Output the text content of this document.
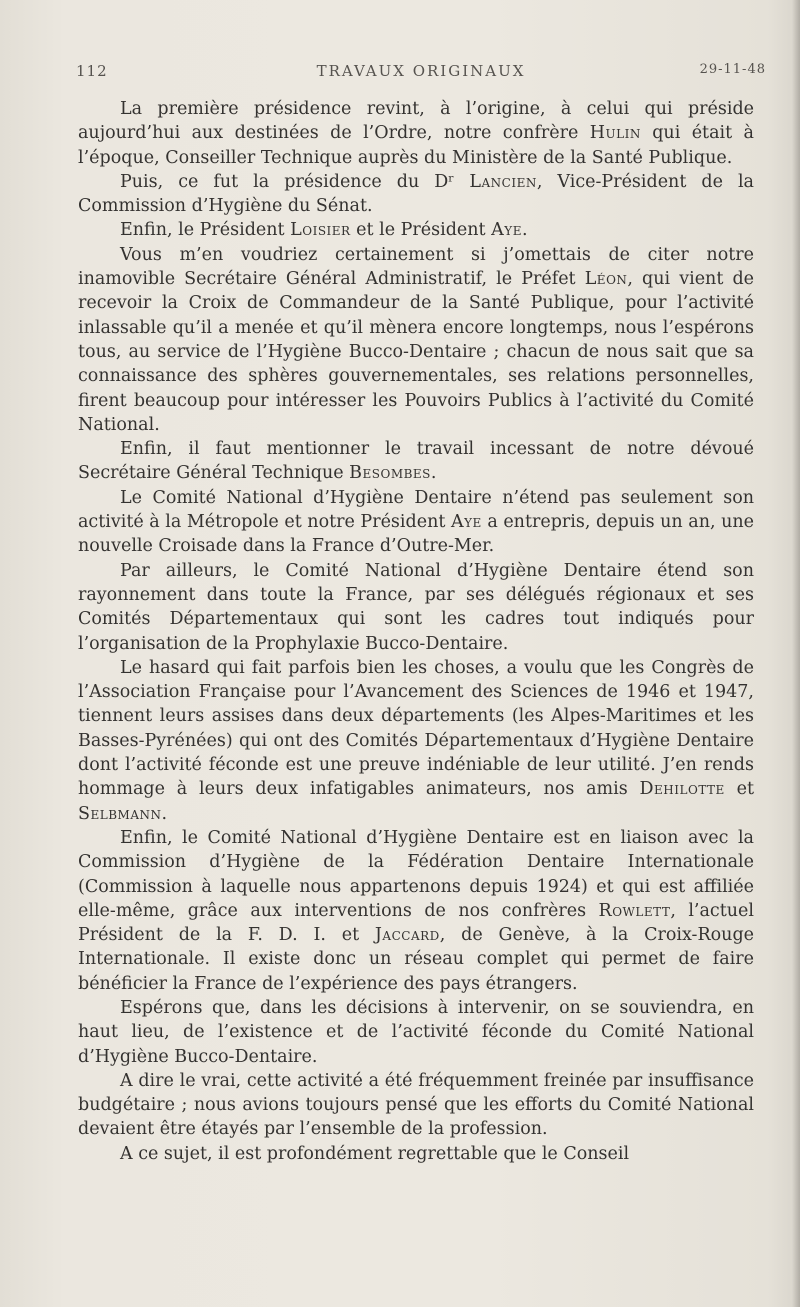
112	TRAVAUX ORIGINAUX	29-11-48

La première présidence revint, à l’origine, à celui qui préside aujourd’hui aux destinées de l’Ordre, notre confrère Hulin qui était à l’époque, Conseiller Technique auprès du Ministère de la Santé Publique.

Puis, ce fut la présidence du Dʳ Lancien, Vice-Président de la Commission d’Hygiène du Sénat.

Enfin, le Président Loisier et le Président Aye.

Vous m’en voudriez certainement si j’omettais de citer notre inamovible Secrétaire Général Administratif, le Préfet Léon, qui vient de recevoir la Croix de Commandeur de la Santé Publique, pour l’activité inlassable qu’il a menée et qu’il mènera encore longtemps, nous l’espérons tous, au service de l’Hygiène Bucco-Dentaire ; chacun de nous sait que sa connaissance des sphères gouvernementales, ses relations personnelles, firent beaucoup pour intéresser les Pouvoirs Publics à l’activité du Comité National.

Enfin, il faut mentionner le travail incessant de notre dévoué Secrétaire Général Technique Besombes.

Le Comité National d’Hygiène Dentaire n’étend pas seulement son activité à la Métropole et notre Président Aye a entrepris, depuis un an, une nouvelle Croisade dans la France d’Outre-Mer.

Par ailleurs, le Comité National d’Hygiène Dentaire étend son rayonnement dans toute la France, par ses délégués régionaux et ses Comités Départementaux qui sont les cadres tout indiqués pour l’organisation de la Prophylaxie Bucco-Dentaire.

Le hasard qui fait parfois bien les choses, a voulu que les Congrès de l’Association Française pour l’Avancement des Sciences de 1946 et 1947, tiennent leurs assises dans deux départements (les Alpes-Maritimes et les Basses-Pyrénées) qui ont des Comités Départementaux d’Hygiène Dentaire dont l’activité féconde est une preuve indéniable de leur utilité. J’en rends hommage à leurs deux infatigables animateurs, nos amis Dehilotte et Selbmann.

Enfin, le Comité National d’Hygiène Dentaire est en liaison avec la Commission d’Hygiène de la Fédération Dentaire Internationale (Commission à laquelle nous appartenons depuis 1924) et qui est affiliée elle-même, grâce aux interventions de nos confrères Rowlett, l’actuel Président de la F. D. I. et Jaccard, de Genève, à la Croix-Rouge Internationale. Il existe donc un réseau complet qui permet de faire bénéficier la France de l’expérience des pays étrangers.

Espérons que, dans les décisions à intervenir, on se souviendra, en haut lieu, de l’existence et de l’activité féconde du Comité National d’Hygiène Bucco-Dentaire.

A dire le vrai, cette activité a été fréquemment freinée par insuffisance budgétaire ; nous avions toujours pensé que les efforts du Comité National devaient être étayés par l’ensemble de la profession.

A ce sujet, il est profondément regrettable que le Conseil
